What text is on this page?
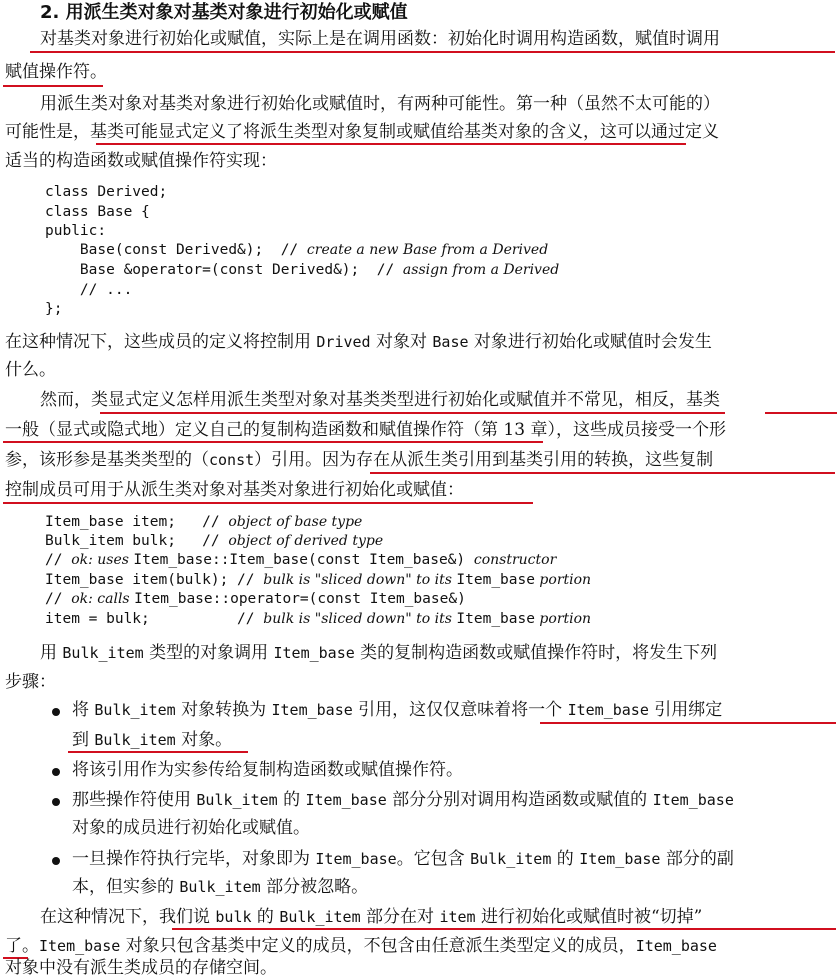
2. 用派生类对象对基类对象进行初始化或赋值
对基类对象进行初始化或赋值，实际上是在调用函数：初始化时调用构造函数，赋值时调用
赋值操作符。
用派生类对象对基类对象进行初始化或赋值时，有两种可能性。第一种（虽然不太可能的）
可能性是，基类可能显式定义了将派生类型对象复制或赋值给基类对象的含义，这可以通过定义
适当的构造函数或赋值操作符实现：
class Derived;
class Base {
public:
Base(const Derived&);  // create a new Base from a Derived
Base &operator=(const Derived&);  // assign from a Derived
// ...
};
在这种情况下，这些成员的定义将控制用 Drived 对象对 Base 对象进行初始化或赋值时会发生
什么。
然而，类显式定义怎样用派生类型对象对基类类型进行初始化或赋值并不常见，相反，基类
一般（显式或隐式地）定义自己的复制构造函数和赋值操作符（第 13 章），这些成员接受一个形
参，该形参是基类类型的（const）引用。因为存在从派生类引用到基类引用的转换，这些复制
控制成员可用于从派生类对象对基类对象进行初始化或赋值：
Item_base item;   // object of base type
Bulk_item bulk;   // object of derived type
// ok: uses Item_base::Item_base(const Item_base&) constructor
Item_base item(bulk); // bulk is "sliced down" to its Item_base portion
// ok: calls Item_base::operator=(const Item_base&)
item = bulk;          // bulk is "sliced down" to its Item_base portion
用 Bulk_item 类型的对象调用 Item_base 类的复制构造函数或赋值操作符时，将发生下列
步骤：
将 Bulk_item 对象转换为 Item_base 引用，这仅仅意味着将一个 Item_base 引用绑定
到 Bulk_item 对象。
将该引用作为实参传给复制构造函数或赋值操作符。
那些操作符使用 Bulk_item 的 Item_base 部分分别对调用构造函数或赋值的 Item_base
对象的成员进行初始化或赋值。
一旦操作符执行完毕，对象即为 Item_base。它包含 Bulk_item 的 Item_base 部分的副
本，但实参的 Bulk_item 部分被忽略。
在这种情况下，我们说 bulk 的 Bulk_item 部分在对 item 进行初始化或赋值时被“切掉”
了。Item_base 对象只包含基类中定义的成员，不包含由任意派生类型定义的成员，Item_base
对象中没有派生类成员的存储空间。
